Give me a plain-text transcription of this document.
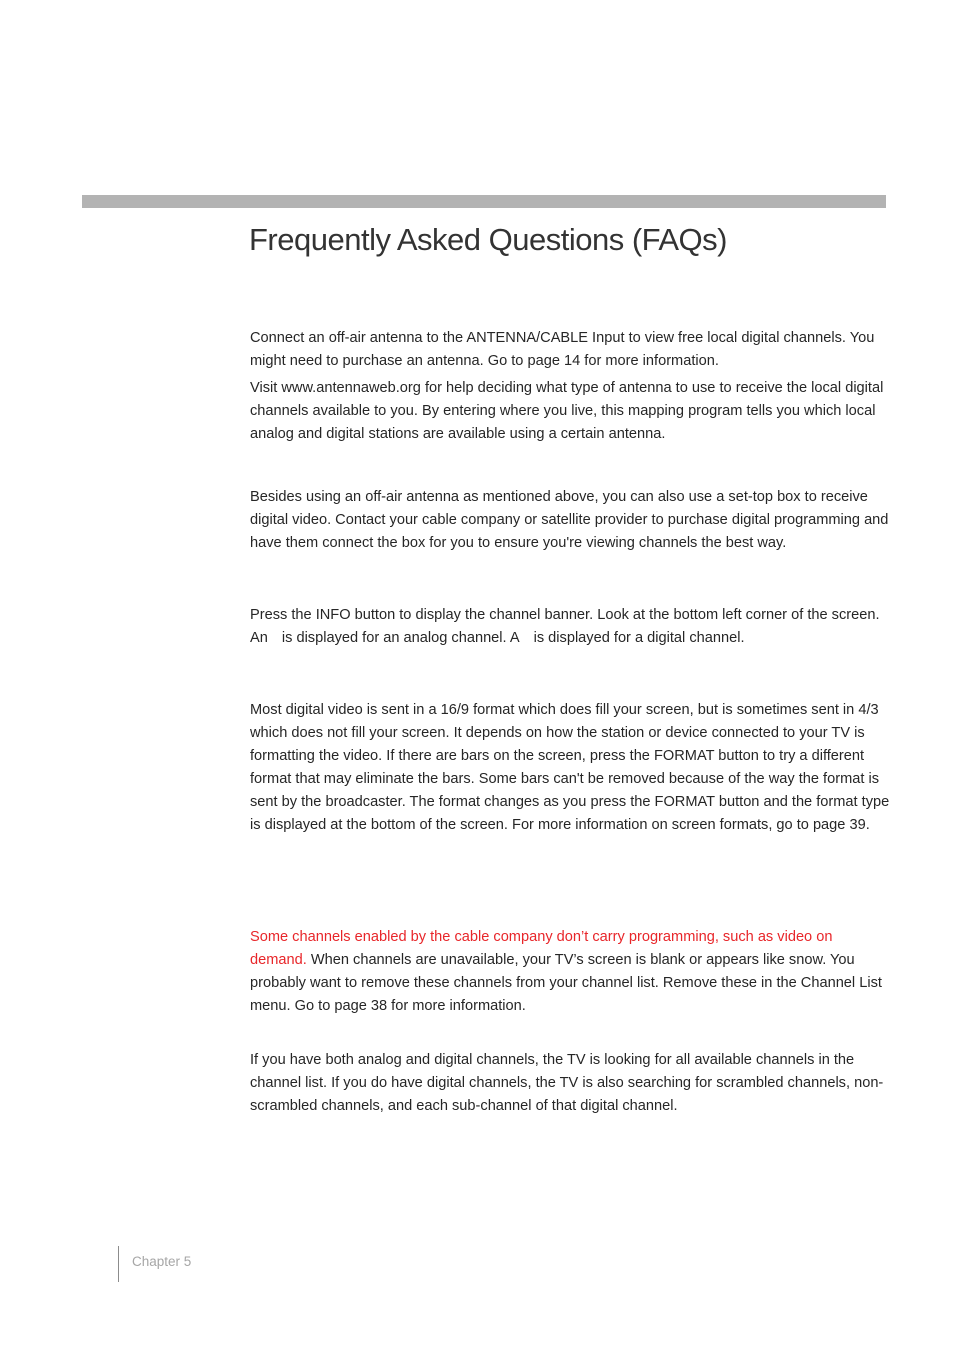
Frequently Asked Questions (FAQs)

Connect an off-air antenna to the ANTENNA/CABLE Input to view free local digital channels. You might need to purchase an antenna. Go to page 14 for more information.

Visit www.antennaweb.org for help deciding what type of antenna to use to receive the local digital channels available to you. By entering where you live, this mapping program tells you which local analog and digital stations are available using a certain antenna.

Besides using an off-air antenna as mentioned above, you can also use a set-top box to receive digital video. Contact your cable company or satellite provider to purchase digital programming and have them connect the box for you to ensure you're viewing channels the best way.

Press the INFO button to display the channel banner. Look at the bottom left corner of the screen. An is displayed for an analog channel. A is displayed for a digital channel.

Most digital video is sent in a 16/9 format which does fill your screen, but is sometimes sent in 4/3 which does not fill your screen. It depends on how the station or device connected to your TV is formatting the video. If there are bars on the screen, press the FORMAT button to try a different format that may eliminate the bars. Some bars can't be removed because of the way the format is sent by the broadcaster. The format changes as you press the FORMAT button and the format type is displayed at the bottom of the screen. For more information on screen formats, go to page 39.

Some channels enabled by the cable company don’t carry programming, such as video on demand. When channels are unavailable, your TV’s screen is blank or appears like snow. You probably want to remove these channels from your channel list. Remove these in the Channel List menu. Go to page 38 for more information.

If you have both analog and digital channels, the TV is looking for all available channels in the channel list. If you do have digital channels, the TV is also searching for scrambled channels, non-scrambled channels, and each sub-channel of that digital channel.

Chapter 5
